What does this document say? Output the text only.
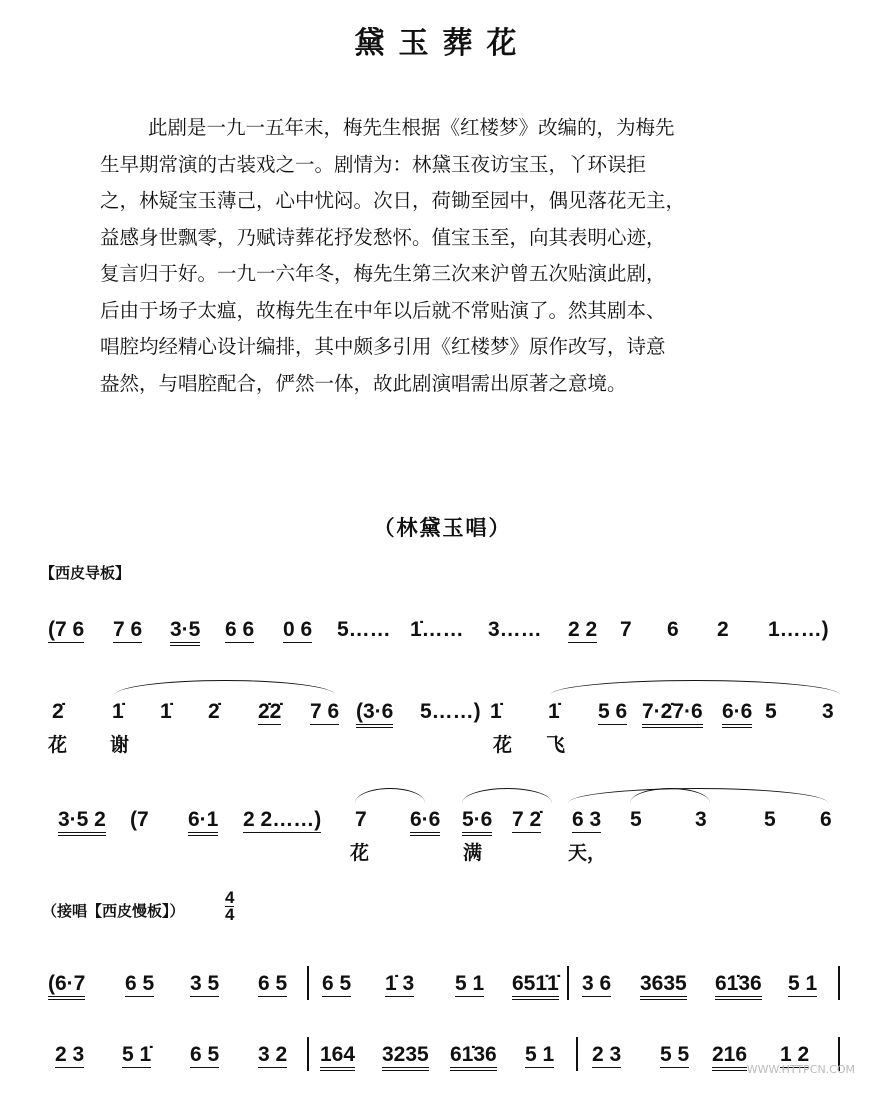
黛玉葬花
此剧是一九一五年末，梅先生根据《红楼梦》改编的，为梅先
生早期常演的古装戏之一。剧情为：林黛玉夜访宝玉，丫环误拒
之，林疑宝玉薄己，心中忧闷。次日，荷锄至园中，偶见落花无主，
益感身世飘零，乃赋诗葬花抒发愁怀。值宝玉至，向其表明心迹，
复言归于好。一九一六年冬，梅先生第三次来沪曾五次贴演此剧，
后由于场子太瘟，故梅先生在中年以后就不常贴演了。然其剧本、
唱腔均经精心设计编排，其中颇多引用《红楼梦》原作改写，诗意
盎然，与唱腔配合，俨然一体，故此剧演唱需出原著之意境。
（林黛玉唱）
【西皮导板】
（接唱【西皮慢板】）
4
4
(7 6 7 6 3·5 6 6 0 6 5…… 1̇…… 3…… 2 2 7 6 2 1……)
2̇ 1̇ 1̇ 2̇ 2̇2̇ 7 6 (3·6 5……) 1̇ 1̇ 5 6 7·2̇7·6 6·6 5 3
花 谢	花 飞
3·5 2 (7 6·1 2 2……) 7 6·6 5·6 7 2̇ 6 3 5	3	5 6
花	满	天，
(6·7 6 5 3 5 6 5 6 5 1̇ 3 5 1 651̇1̇ 3 6 3635 61̇36 5 1
2 3 5 1̇ 6 5 3 2 164 3235 61̇36 5 1 2 3 5 5 216 1 2
WWW.HTTPCN.COM
